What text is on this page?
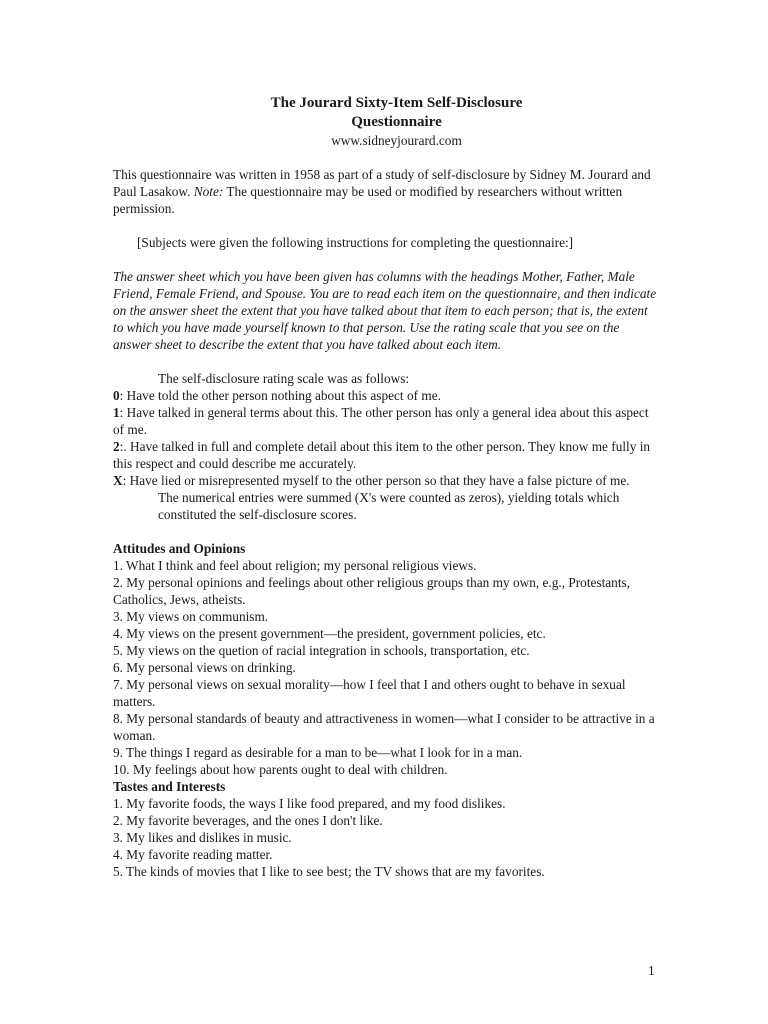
The Jourard Sixty-Item Self-Disclosure
Questionnaire
www.sidneyjourard.com

This questionnaire was written in 1958 as part of a study of self-disclosure by Sidney M. Jourard and Paul Lasakow. Note: The questionnaire may be used or modified by researchers without written permission.

[Subjects were given the following instructions for completing the questionnaire:]

The answer sheet which you have been given has columns with the headings Mother, Father, Male Friend, Female Friend, and Spouse. You are to read each item on the questionnaire, and then indicate on the answer sheet the extent that you have talked about that item to each person; that is, the extent to which you have made yourself known to that person. Use the rating scale that you see on the answer sheet to describe the extent that you have talked about each item.

The self-disclosure rating scale was as follows:

0: Have told the other person nothing about this aspect of me.

1: Have talked in general terms about this. The other person has only a general idea about this aspect of me.

2:. Have talked in full and complete detail about this item to the other person. They know me fully in this respect and could describe me accurately.

X: Have lied or misrepresented myself to the other person so that they have a false picture of me.

The numerical entries were summed (X's were counted as zeros), yielding totals which constituted the self-disclosure scores.

Attitudes and Opinions

1. What I think and feel about religion; my personal religious views.

2. My personal opinions and feelings about other religious groups than my own, e.g., Protestants, Catholics, Jews, atheists.

3. My views on communism.

4. My views on the present government—the president, government policies, etc.

5. My views on the quetion of racial integration in schools, transportation, etc.

6. My personal views on drinking.

7. My personal views on sexual morality—how I feel that I and others ought to behave in sexual matters.

8. My personal standards of beauty and attractiveness in women—what I consider to be attractive in a woman.

9. The things I regard as desirable for a man to be—what I look for in a man.

10. My feelings about how parents ought to deal with children.

Tastes and Interests

1. My favorite foods, the ways I like food prepared, and my food dislikes.

2. My favorite beverages, and the ones I don't like.

3. My likes and dislikes in music.

4. My favorite reading matter.

5. The kinds of movies that I like to see best; the TV shows that are my favorites.

1
